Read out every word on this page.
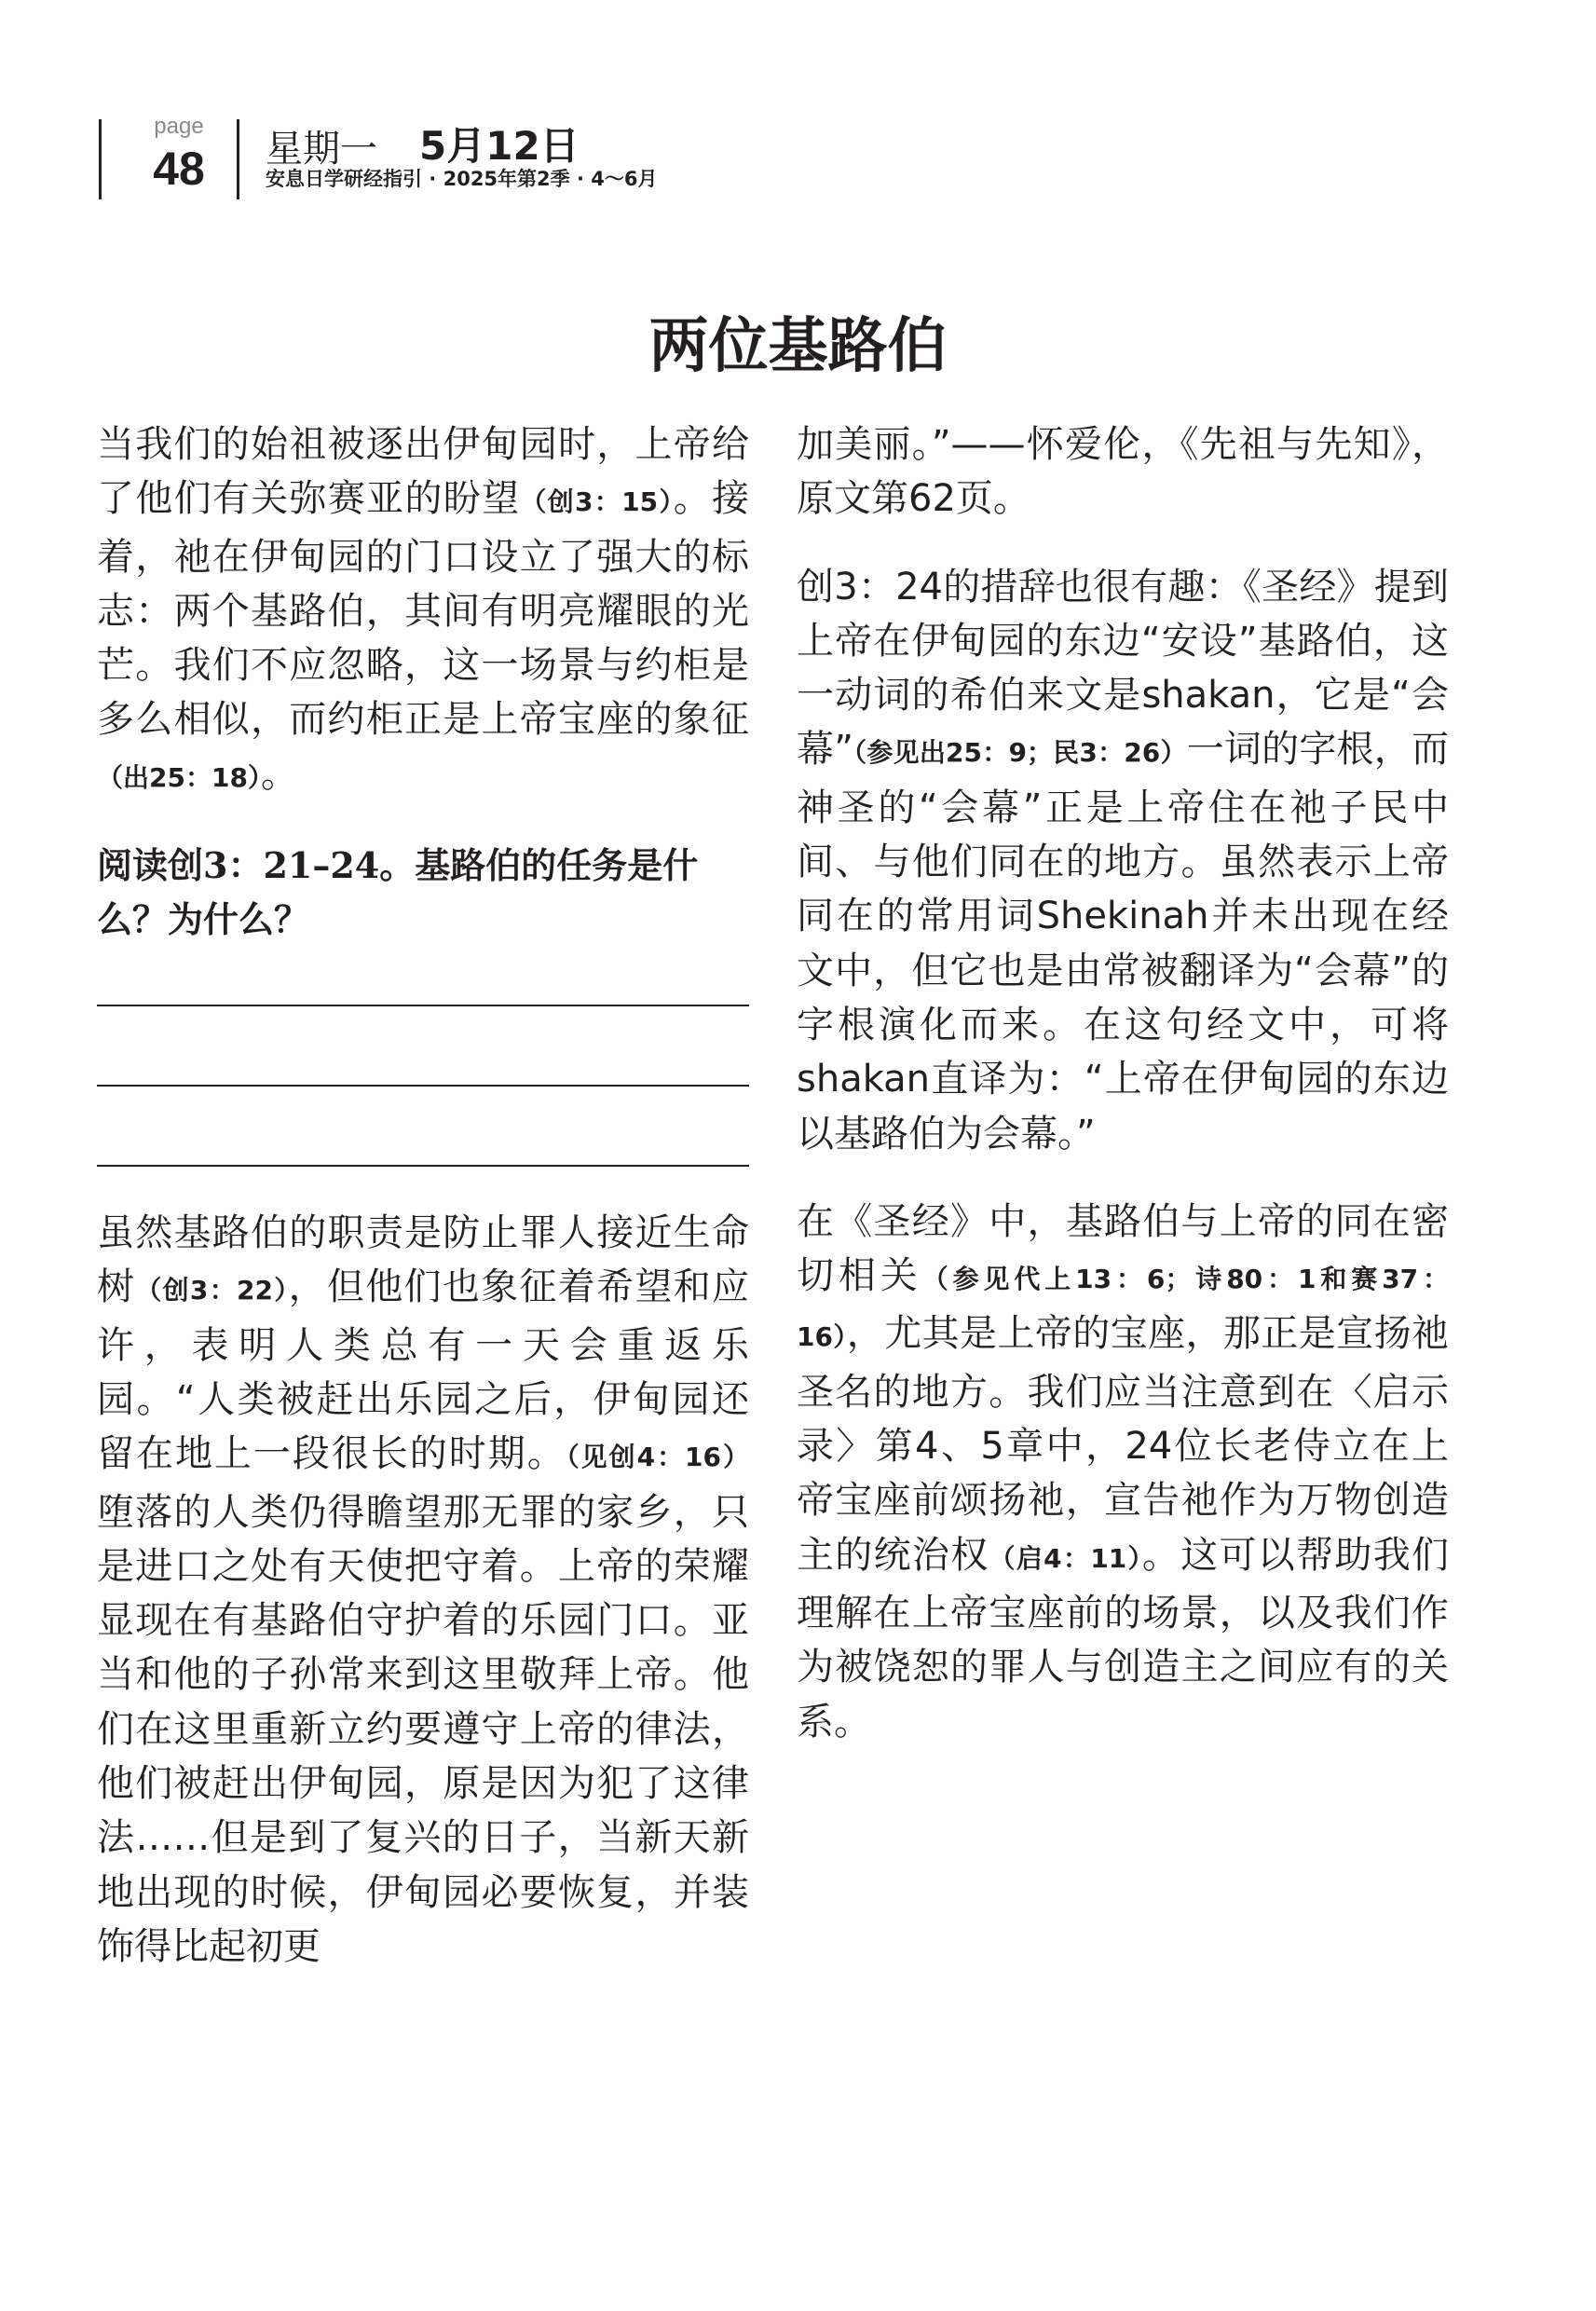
page
48	星期一 5月12日
安息日学研经指引 · 2025年第2季 · 4～6月
两位基路伯

当我们的始祖被逐出伊甸园时，上帝给了他们有关弥赛亚的盼望（创3：15）。接着，祂在伊甸园的门口设立了强大的标志：两个基路伯，其间有明亮耀眼的光芒。我们不应忽略，这一场景与约柜是多么相似，而约柜正是上帝宝座的象征（出25：18）。

阅读创3：21–24。基路伯的任务是什么？为什么？

虽然基路伯的职责是防止罪人接近生命树（创3：22），但他们也象征着希望和应许，表明人类总有一天会重返乐园。“人类被赶出乐园之后，伊甸园还留在地上一段很长的时期。（见创4：16）堕落的人类仍得瞻望那无罪的家乡，只是进口之处有天使把守着。上帝的荣耀显现在有基路伯守护着的乐园门口。亚当和他的子孙常来到这里敬拜上帝。他们在这里重新立约要遵守上帝的律法，他们被赶出伊甸园，原是因为犯了这律法……但是到了复兴的日子，当新天新地出现的时候，伊甸园必要恢复，并装饰得比起初更

加美丽。”——怀爱伦，《先祖与先知》，原文第62页。

创3：24的措辞也很有趣：《圣经》提到上帝在伊甸园的东边“安设”基路伯，这一动词的希伯来文是shakan，它是“会幕”（参见出25：9；民3：26）一词的字根，而神圣的“会幕”正是上帝住在祂子民中间、与他们同在的地方。虽然表示上帝同在的常用词Shekinah并未出现在经文中，但它也是由常被翻译为“会幕”的字根演化而来。在这句经文中，可将shakan直译为：“上帝在伊甸园的东边以基路伯为会幕。”

在《圣经》中，基路伯与上帝的同在密切相关（参见代上13：6；诗80：1和赛37：16），尤其是上帝的宝座，那正是宣扬祂圣名的地方。我们应当注意到在〈启示录〉第4、5章中，24位长老侍立在上帝宝座前颂扬祂，宣告祂作为万物创造主的统治权（启4：11）。这可以帮助我们理解在上帝宝座前的场景，以及我们作为被饶恕的罪人与创造主之间应有的关系。
